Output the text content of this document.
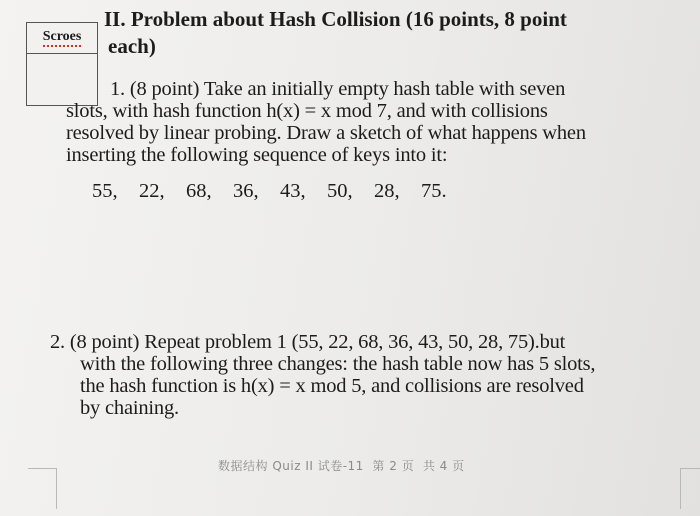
Scroes
II. Problem about Hash Collision (16 points, 8 point
each)
1. (8 point) Take an initially empty hash table with seven
slots, with hash function h(x) = x mod 7, and with collisions
resolved by linear probing. Draw a sketch of what happens when
inserting the following sequence of keys into it:
55,   22,   68,   36,   43,   50,   28,   75.
2. (8 point) Repeat problem 1 (55, 22, 68, 36, 43, 50, 28, 75).but
with the following three changes: the hash table now has 5 slots,
the hash function is h(x) = x mod 5, and collisions are resolved
by chaining.
数据结构 Quiz II 试卷-11  第 2 页  共 4 页
